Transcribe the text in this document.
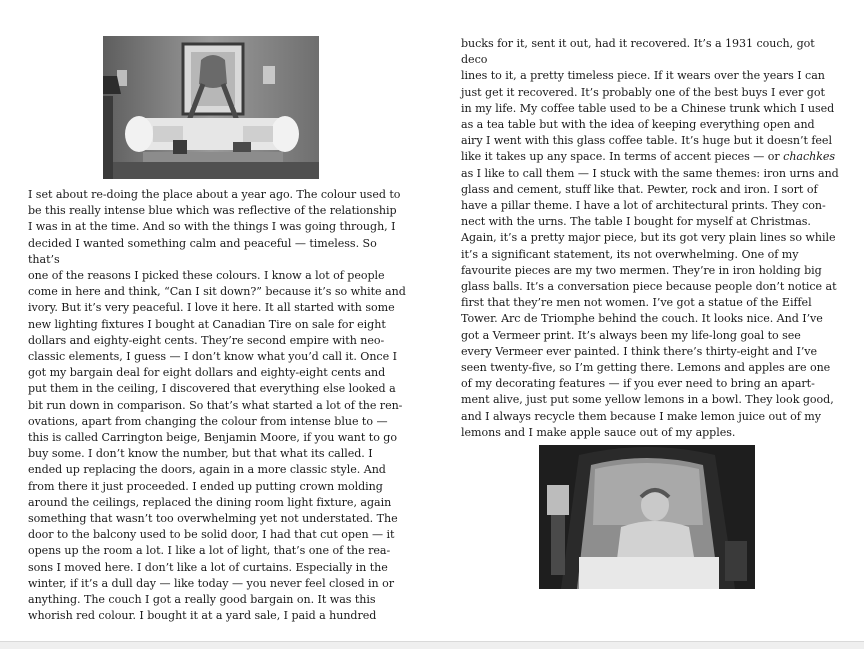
I set about re-doing the place about a year ago. The colour used to
be this really intense blue which was reflective of the relationship
I was in at the time. And so with the things I was going through, I
decided I wanted something calm and peaceful — timeless. So that’s
one of the reasons I picked these colours. I know a lot of people
come in here and think, “Can I sit down?” because it’s so white and
ivory. But it’s very peaceful. I love it here. It all started with some
new lighting fixtures I bought at Canadian Tire on sale for eight
dollars and eighty-eight cents. They’re second empire with neo-
classic elements, I guess — I don’t know what you’d call it. Once I
got my bargain deal for eight dollars and eighty-eight cents and
put them in the ceiling, I discovered that everything else looked a
bit run down in comparison. So that’s what started a lot of the ren-
ovations, apart from changing the colour from intense blue to —
this is called Carrington beige, Benjamin Moore, if you want to go
buy some. I don’t know the number, but that what its called. I
ended up replacing the doors, again in a more classic style. And
from there it just proceeded. I ended up putting crown molding
around the ceilings, replaced the dining room light fixture, again
something that wasn’t too overwhelming yet not understated. The
door to the balcony used to be solid door, I had that cut open — it
opens up the room a lot. I like a lot of light, that’s one of the rea-
sons I moved here. I don’t like a lot of curtains. Especially in the
winter, if it’s a dull day — like today — you never feel closed in or
anything. The couch I got a really good bargain on. It was this
whorish red colour. I bought it at a yard sale, I paid a hundred

bucks for it, sent it out, had it recovered. It’s a 1931 couch, got deco
lines to it, a pretty timeless piece. If it wears over the years I can
just get it recovered. It’s probably one of the best buys I ever got
in my life. My coffee table used to be a Chinese trunk which I used
as a tea table but with the idea of keeping everything open and
airy I went with this glass coffee table. It’s huge but it doesn’t feel
like it takes up any space. In terms of accent pieces — or chachkes
as I like to call them — I stuck with the same themes: iron urns and
glass and cement, stuff like that. Pewter, rock and iron. I sort of
have a pillar theme. I have a lot of architectural prints. They con-
nect with the urns. The table I bought for myself at Christmas.
Again, it’s a pretty major piece, but its got very plain lines so while
it’s a significant statement, its not overwhelming. One of my
favourite pieces are my two mermen. They’re in iron holding big
glass balls. It’s a conversation piece because people don’t notice at
first that they’re men not women. I’ve got a statue of the Eiffel
Tower. Arc de Triomphe behind the couch. It looks nice. And I’ve
got a Vermeer print. It’s always been my life-long goal to see
every Vermeer ever painted. I think there’s thirty-eight and I’ve
seen twenty-five, so I’m getting there. Lemons and apples are one
of my decorating features — if you ever need to bring an apart-
ment alive, just put some yellow lemons in a bowl. They look good,
and I always recycle them because I make lemon juice out of my
lemons and I make apple sauce out of my apples.
